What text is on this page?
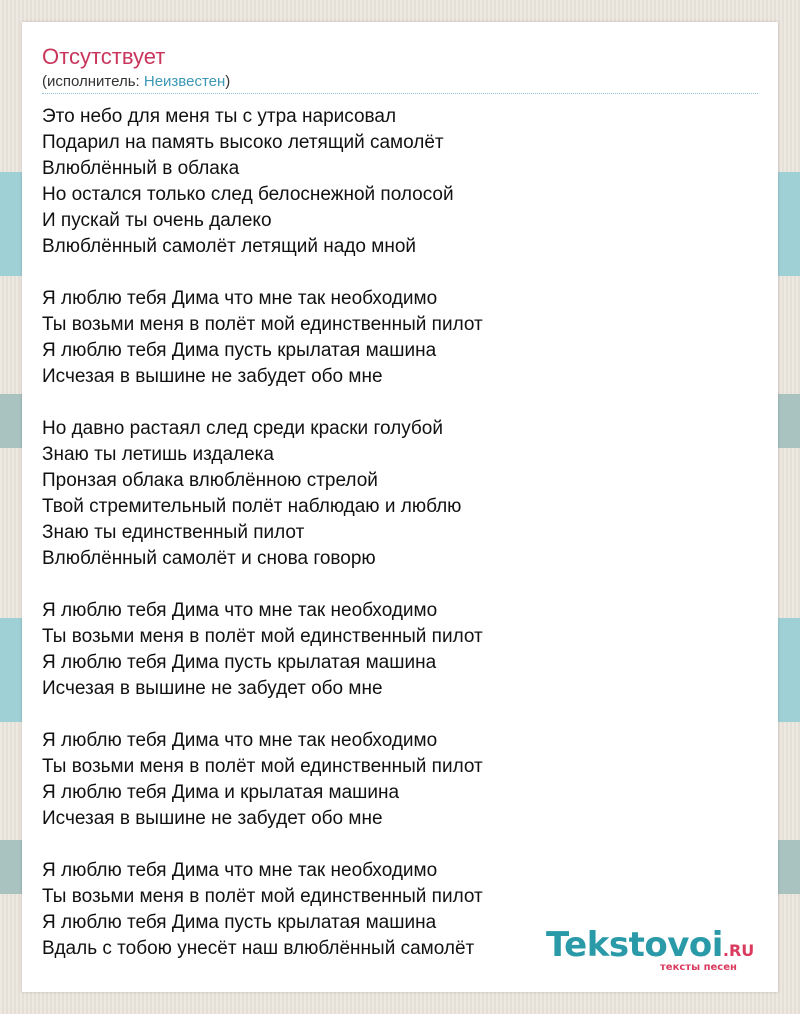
Отсутствует
(исполнитель: Неизвестен)
Это небо для меня ты с утра нарисовал
Подарил на память высоко летящий самолёт
Влюблённый в облака
Но остался только след белоснежной полосой
И пускай ты очень далеко
Влюблённый самолёт летящий надо мной
Я люблю тебя Дима что мне так необходимо
Ты возьми меня в полёт мой единственный пилот
Я люблю тебя Дима пусть крылатая машина
Исчезая в вышине не забудет обо мне
Но давно растаял след среди краски голубой
Знаю ты летишь издалека
Пронзая облака влюблённою стрелой
Твой стремительный полёт наблюдаю и люблю
Знаю ты единственный пилот
Влюблённый самолёт и снова говорю
Я люблю тебя Дима что мне так необходимо
Ты возьми меня в полёт мой единственный пилот
Я люблю тебя Дима пусть крылатая машина
Исчезая в вышине не забудет обо мне
Я люблю тебя Дима что мне так необходимо
Ты возьми меня в полёт мой единственный пилот
Я люблю тебя Дима и крылатая машина
Исчезая в вышине не забудет обо мне
Я люблю тебя Дима что мне так необходимо
Ты возьми меня в полёт мой единственный пилот
Я люблю тебя Дима пусть крылатая машина
Вдаль с тобою унесёт наш влюблённый самолёт	Tekstovoi.RU
тексты песен
